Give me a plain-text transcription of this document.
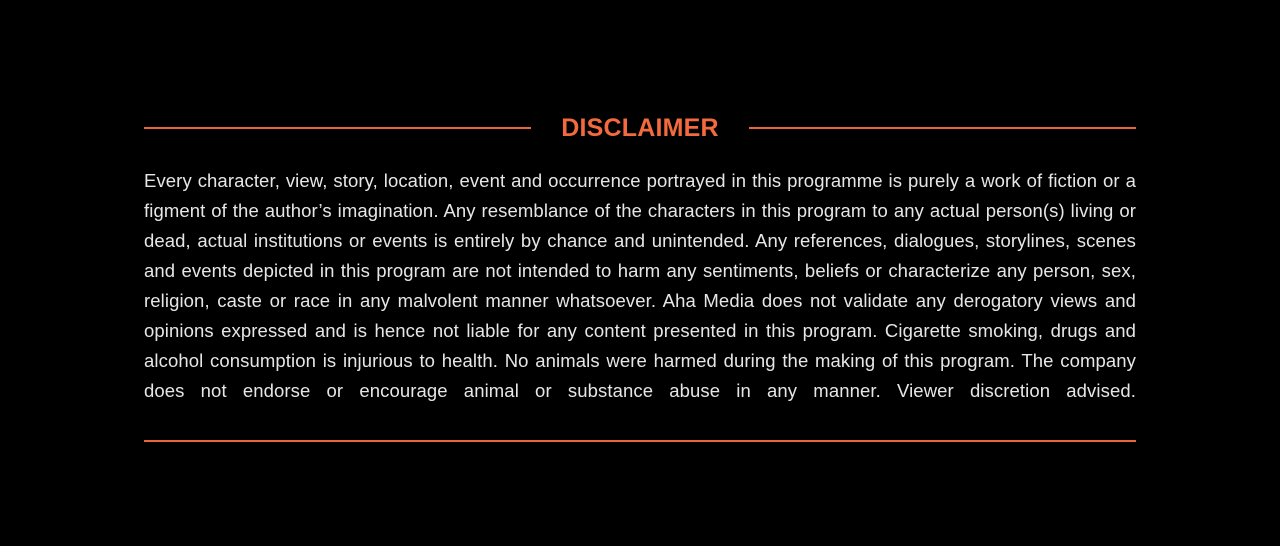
DISCLAIMER

Every character, view, story, location, event and occurrence portrayed in this programme is purely a work of fiction or a figment of the author’s imagination. Any resemblance of the characters in this program to any actual person(s) living or dead, actual institutions or events is entirely by chance and unintended. Any references, dialogues, storylines, scenes and events depicted in this program are not intended to harm any sentiments, beliefs or characterize any person, sex, religion, caste or race in any malvolent manner whatsoever. Aha Media does not validate any derogatory views and opinions expressed and is hence not liable for any content presented in this program. Cigarette smoking, drugs and alcohol consumption is injurious to health. No animals were harmed during the making of this program. The company does not endorse or encourage animal or substance abuse in any manner. Viewer discretion advised.
